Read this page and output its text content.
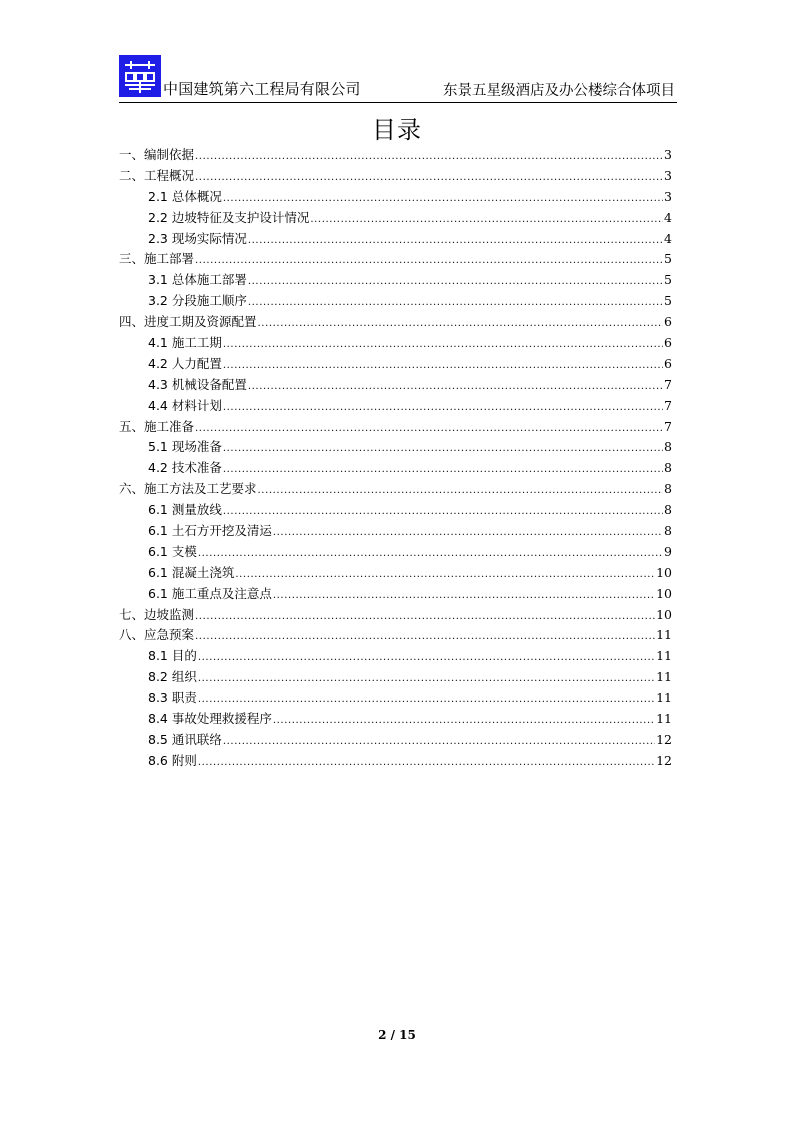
中国建筑第六工程局有限公司	东景五星级酒店及办公楼综合体项目
目录
一、编制依据 .....	3
二、工程概况 .....	3
2.1 总体概况 .....	3
2.2 边坡特征及支护设计情况 .....	4
2.3 现场实际情况 .....	4
三、施工部署 .....	5
3.1 总体施工部署 .....	5
3.2 分段施工顺序 .....	5
四、进度工期及资源配置 .....	6
4.1 施工工期 .....	6
4.2 人力配置 .....	6
4.3 机械设备配置 .....	7
4.4 材料计划 .....	7
五、施工准备 .....	7
5.1 现场准备 .....	8
4.2 技术准备 .....	8
六、施工方法及工艺要求 .....	8
6.1 测量放线 .....	8
6.1 土石方开挖及清运 .....	8
6.1 支模 .....	9
6.1 混凝土浇筑 .....	10
6.1 施工重点及注意点 .....	10
七、边坡监测 .....	10
八、应急预案 .....	11
8.1 目的 .....	11
8.2 组织 .....	11
8.3 职责 .....	11
8.4 事故处理救援程序 .....	11
8.5 通讯联络 .....	12
8.6 附则 .....	12
2 / 15
